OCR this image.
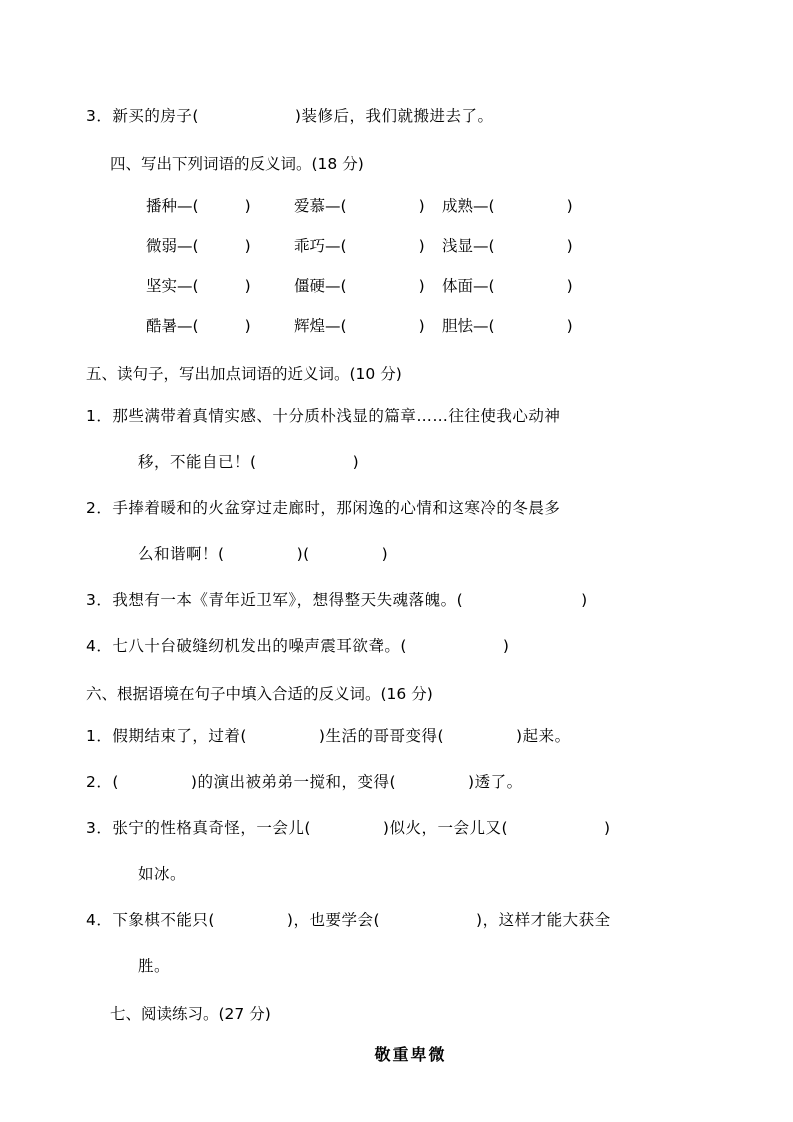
3．新买的房子(	)装修后，我们就搬进去了。
四、写出下列词语的反义词。(18 分)
播种—(	)	爱慕—(	)	成熟—(	)
微弱—(	)	乖巧—(	)	浅显—(	)
坚实—(	)	僵硬—(	)	体面—(	)
酷暑—(	)	辉煌—(	)	胆怯—(	)
五、读句子，写出加点词语的近义词。(10 分)
1．那些满带着真情实感、十分质朴浅显的篇章……往往使我心动神
移，不能自已！(	)
2．手捧着暖和的火盆穿过走廊时，那闲逸的心情和这寒冷的冬晨多
么和谐啊！(	)(	)
3．我想有一本《青年近卫军》，想得整天失魂落魄。(	)
4．七八十台破缝纫机发出的噪声震耳欲聋。(	)
六、根据语境在句子中填入合适的反义词。(16 分)
1．假期结束了，过着(	)生活的哥哥变得(	)起来。
2．(	)的演出被弟弟一搅和，变得(	)透了。
3．张宁的性格真奇怪，一会儿(	)似火，一会儿又(	)
如冰。
4．下象棋不能只(	)，也要学会(	)，这样才能大获全
胜。
七、阅读练习。(27 分)
敬重卑微
